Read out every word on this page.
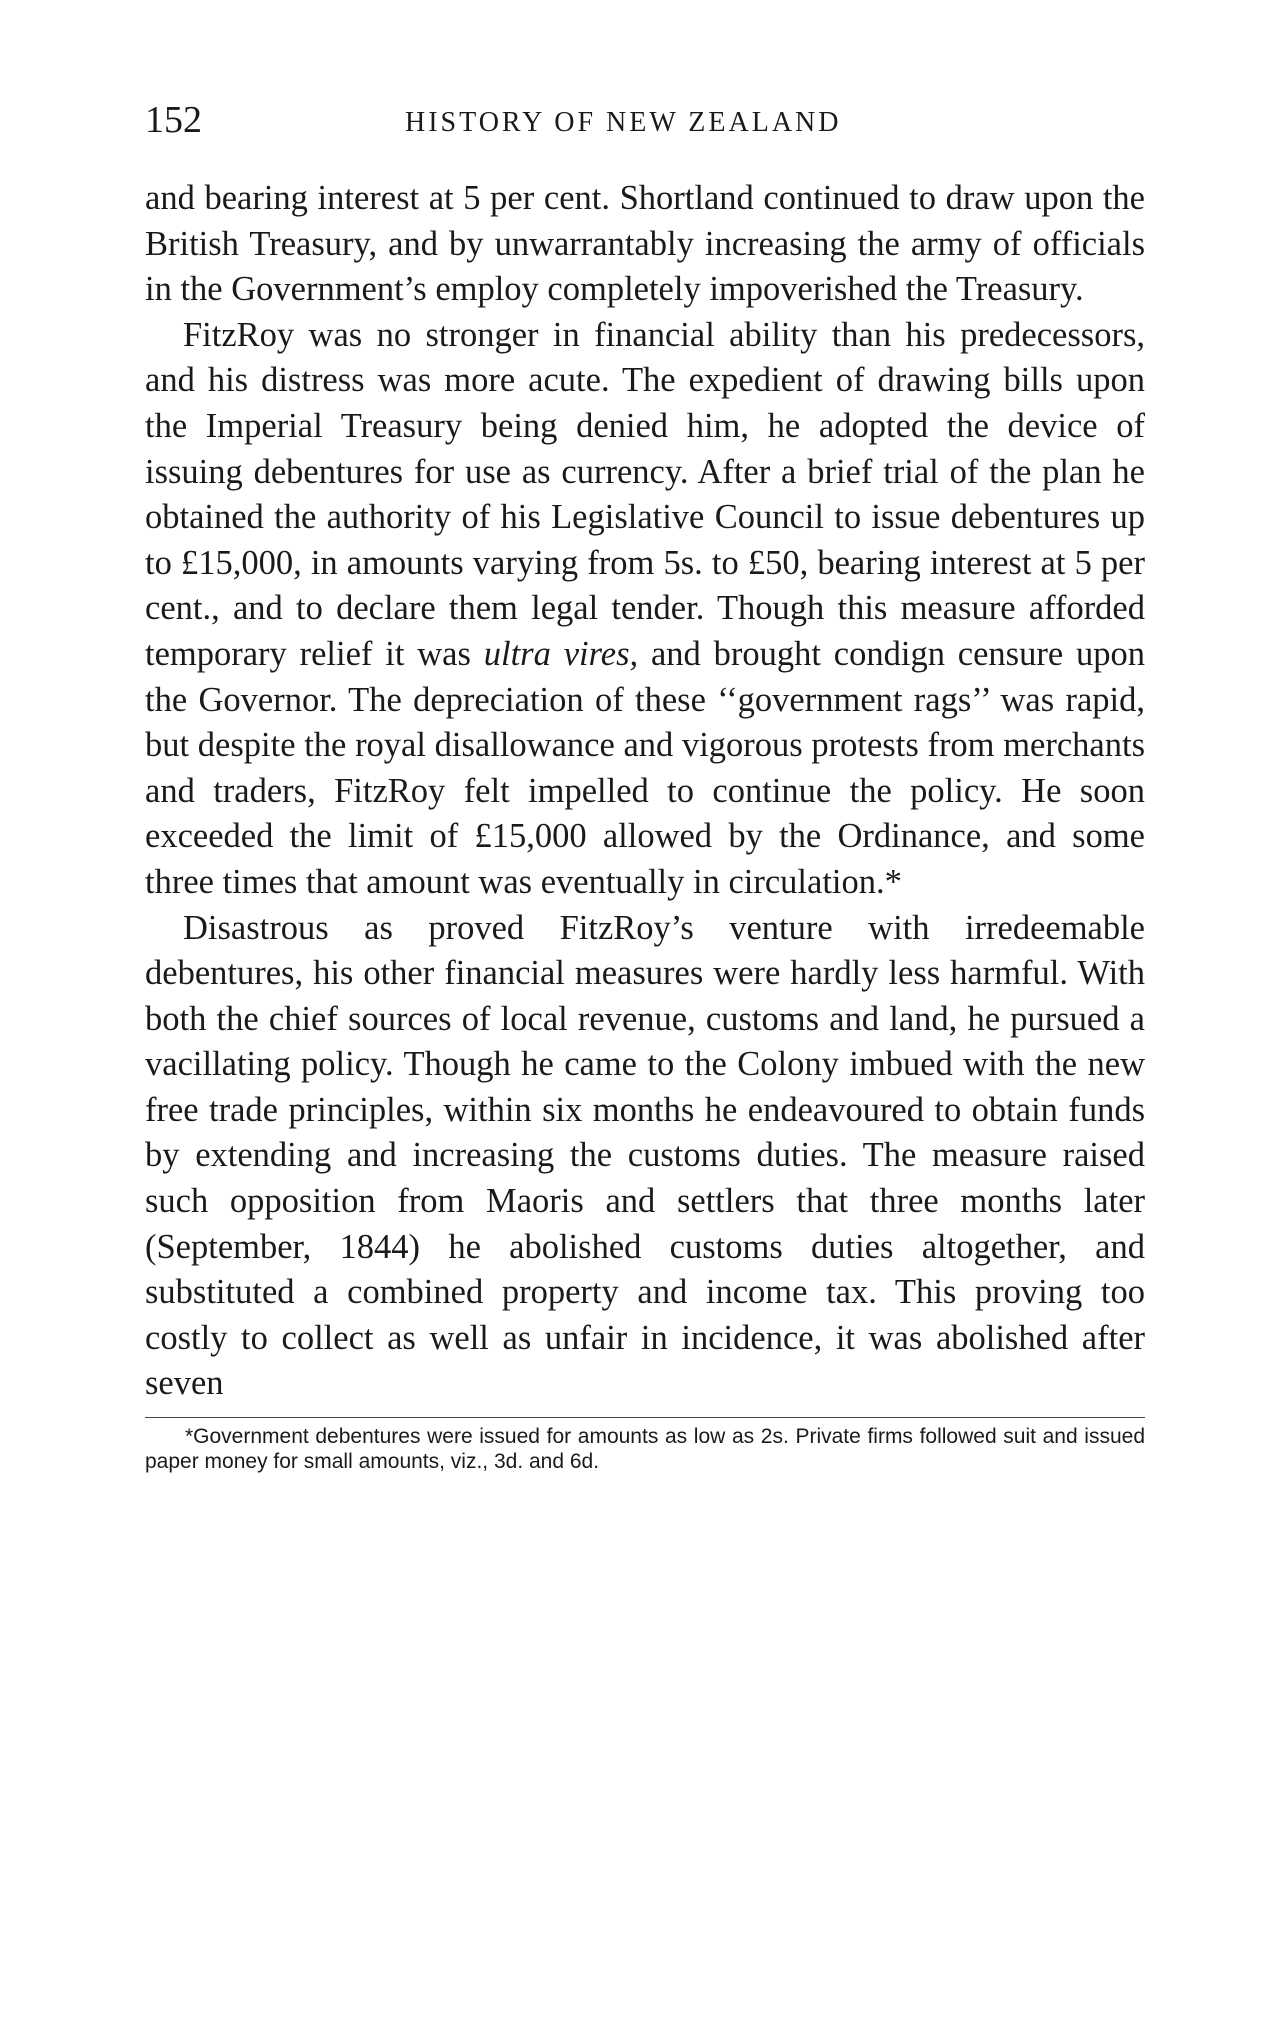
152	HISTORY OF NEW ZEALAND

and bearing interest at 5 per cent. Shortland continued to draw upon the British Treasury, and by unwarrantably increasing the army of officials in the Government’s employ completely impoverished the Treasury.

FitzRoy was no stronger in financial ability than his predecessors, and his distress was more acute. The expedient of drawing bills upon the Imperial Treasury being denied him, he adopted the device of issuing debentures for use as currency. After a brief trial of the plan he obtained the authority of his Legislative Council to issue debentures up to £15,000, in amounts varying from 5s. to £50, bearing interest at 5 per cent., and to declare them legal tender. Though this measure afforded temporary relief it was ultra vires, and brought condign censure upon the Governor. The depreciation of these ‘‘government rags’’ was rapid, but despite the royal disallowance and vigorous protests from merchants and traders, FitzRoy felt impelled to continue the policy. He soon exceeded the limit of £15,000 allowed by the Ordinance, and some three times that amount was eventually in circulation.*

Disastrous as proved FitzRoy’s venture with irredeemable debentures, his other financial measures were hardly less harmful. With both the chief sources of local revenue, customs and land, he pursued a vacillating policy. Though he came to the Colony imbued with the new free trade principles, within six months he endeavoured to obtain funds by extending and increasing the customs duties. The measure raised such opposition from Maoris and settlers that three months later (September, 1844) he abolished customs duties altogether, and substituted a combined property and income tax. This proving too costly to collect as well as unfair in incidence, it was abolished after seven

*Government debentures were issued for amounts as low as 2s. Private firms followed suit and issued paper money for small amounts, viz., 3d. and 6d.
